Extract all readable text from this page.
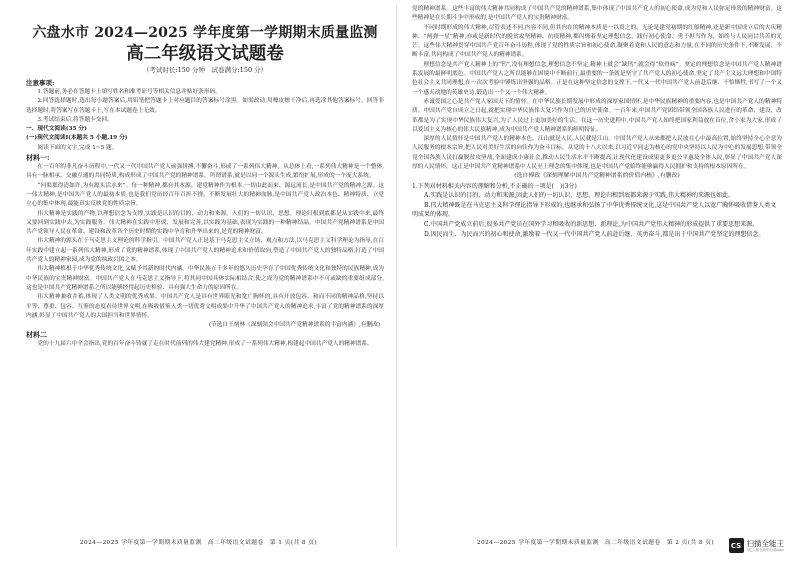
六盘水市 2024—2025 学年度第一学期期末质量监测

高二年级语文试题卷

（考试时长:150 分钟　试卷满分:150 分）

注意事项:

1.答题前,务必在答题卡上填写姓名和准考证号等相关信息并贴好条形码。

2.回答选择题时,选出每小题答案后,用铅笔把答题卡上对应题目的答案标号涂黑。如需改动,用橡皮擦干净后,再选涂其他答案标号。回答非选择题时,将答案写在答题卡上,写在本试题卷上无效。

3.考试结束后,将答题卡交回。

一、现代文阅读(35 分)

(一)现代文阅读Ⅰ(本题共 5 小题,19 分)

阅读下面的文字,完成 1~5 题。

材料一:

在一百年的非凡奋斗历程中,一代又一代中国共产党人顽强拼搏,不懈奋斗,形成了一系列伟大精神。从总体上看,一系列伟大精神是一个整体,具有一脉相承、交融互通的共同特质,构成形成了中国共产党的精神谱系。所谓谱系,就是以同一个源头生成,繁衍扩展,形成的一个庞大系统。

“问渠那得清如许,为有源头活水来”。每一种精神,都有其本源。建党精神作为根本,一切由此而来、源远流长,是中国共产党的精神之源。这一伟大精神,是中国共产党人的最初本质,也是我们党历经百年百折不挠、不断发展壮大的精神血脉,是中国共产党人政治本色、精神特质、立党立心的集中体现,最能真实反映党的性质宗旨。

伟大精神是实践的产物,以理想信念为支撑,实践是认识的目的、动力和来源。人们的一切认识、思想、理论归根到底都是从实践中来,最终又要回到实践中去,为实践服务。伟大精神在实践中形成、发展和完善,以实践为基础,表现为实践的一种精神结晶。中国共产党精神谱系是中国共产党领导人民在革命、建设和改革各个历史时期的实践中孕育和升华出来的,是党的精神财富。

伟大精神的源头在于马克思主义理论的科学指引。中国共产党人正是基于马克思主义立场、观点和方法,以马克思主义科学理论为指导,在百年实践中建立起一系列伟大精神,形成了党的精神谱系,体现了中国共产党人的精神追求和价值取向,塑造了中国共产党人的独特品格,打造了中国共产党人的精神家园,成为党的执政兴国之本。

伟大精神植根于中华优秀传统文化,又赋予其新的时代内涵。中华民族五千多年的悠久历史孕育了中国优秀传统文化和独特的民族精神,成为中华民族的宝贵精神财富。中国共产党人在马克思主义指导下,将其同中国具体实际相结合,使之成为党的精神谱系中不可或缺的重要组成部分,这也是中国共产党精神谱系之所以能够经得起历史检验、具有强大生命力的原因所在。

伟大精神兼收并蓄,体现了人类文明的优秀成果。中国共产党人是具有世界眼光和宽广胸怀的,具有开放包容、和而不同的精神品格,坚持以平等、尊重、包容、互鉴的态度看待世界文明,在吸收借鉴人类一切优秀文明成果中升华了中国共产党人的精神追求,丰富了党的精神谱系的深厚内涵,彰显了中国共产党人的大国担当和世界情怀。

(节选自王炳林《深刻领会中国共产党精神谱系的丰富内涵》,有删改)

材料二

党的十九届六中全会指出,党的百年奋斗铸就了走在时代前列的伟大建党精神,形成了一系列伟大精神,构建起中国共产党人的精神谱系。

2024—2025 学年度第一学期期末质量监测　高二年级语文试题卷　第 1 页(共 8 页)

党的精神谱系。这些丰富的伟大精神共同构成了中国共产党的精神谱系,集中体现了中国共产党人的初心使命,成为党和人民弥足珍贵的精神财富。这些精神是在长期斗争中形成的,是中国共产党人的宝贵精神财富。

不同时期形成的伟大精神,尽管表述不同,内容不同,但其内在的精神本质是一以贯之的。无论是建党初期的红船精神,还是新中国成立后的大庆精神、“两弹一星”精神,亦或是新时代的脱贫攻坚精神、抗疫精神,都闪烁着坚定理想信念、践行初心使命、勇于担当作为、始终与人民同甘共苦的光芒。这些伟大精神贯穿中国共产党百年奋斗历程,体现了党的性质宗旨和初心使命,凝聚着党和人民的意志和力量,在不同的历史条件下,不断发展、不断丰富,共同构成了中国共产党人的精神谱系。

理想信念是共产党人精神上的“钙”,没有理想信念,理想信念不坚定,精神上就会“缺钙”,就会得“软骨病”。坚定的理想信念是中国共产党人精神谱系发展的最鲜明底色。中国共产党人之所以能够在困境中不断前行,最重要的一条就是坚守了共产党人的初心使命,坚定了共产主义远大理想和中国特色社会主义共同理想,在一次次考验中锤炼出坚强的品格。正是在这种坚定信念的支撑下,一代又一代中国共产党人前赴后继、不怕牺牲,书写了一个又一个感天动地的英雄史诗,锻造出一个又一个伟大精神。

赤诚爱国之心是共产党人家国天下的情怀。在中华民族长期发展中形成的深厚家国情怀,是中华民族精神的重要内容,也是中国共产党人的精神特质。中国共产党自成立之日起,就把实现中华民族伟大复兴作为自己的历史使命。一百年来,中国共产党团结带领全国各族人民进行的革命、建设、改革都是为了实现中华民族伟大复兴,为了人民过上更加美好的生活。在这一历史进程中,中国共产党人始终把国家利益放在首位,舍小家为大家,形成了以爱国主义为核心的伟大民族精神,成为中国共产党人精神谱系的鲜明特征。

深厚的人民情怀是中国共产党人的精神本色。江山就是人民,人民就是江山。中国共产党人从来都把人民放在心中最高位置,始终坚持全心全意为人民服务的根本宗旨,把人民对美好生活的向往作为奋斗目标。从党的十八大以来,以习近平同志为核心的党中央坚持以人民为中心的发展思想,带领全党全国各族人民打赢脱贫攻坚战,全面建成小康社会,推动人民生活水平不断提高,让现代化建设成果更多更公平惠及全体人民,彰显了中国共产党人深厚的人民情怀。这正是中国共产党精神谱系中人民至上理念的集中体现,也是中国共产党始终能够赢得人民拥护和支持的根本原因所在。

(选自傅政《深刻理解中国共产党精神谱系的价值内核》,有删改)

1.下列对材料相关内容的理解和分析,不正确的一项是(　)(3分)

A.实践是认识的目的、动力和来源,因此人们的一切认识、思想、理论归根到底都来源于实践,伟大精神的来源也如此。

B.伟大精神既是在马克思主义科学理论指导下形成的,也继承和弘扬了中华优秀传统文化,这是中国共产党人以宽广胸怀吸收借鉴人类文明成果的体现。

C.中国共产党成立前后,很多共产党员在国外学习和吸收的新思想、新理论,为中国共产党伟大精神的形成提供了重要思想来源。

D.因民而生、为民而兴的初心和使命,激励着一代又一代中国共产党人前赴后继、英勇奋斗,都是出于中国共产党坚定的理想信念。

2024—2025 学年度第一学期期末质量监测　高二年级语文试题卷　第 2 页(共 8 页)	CS 扫描全能王
3亿人都在用的扫描App
